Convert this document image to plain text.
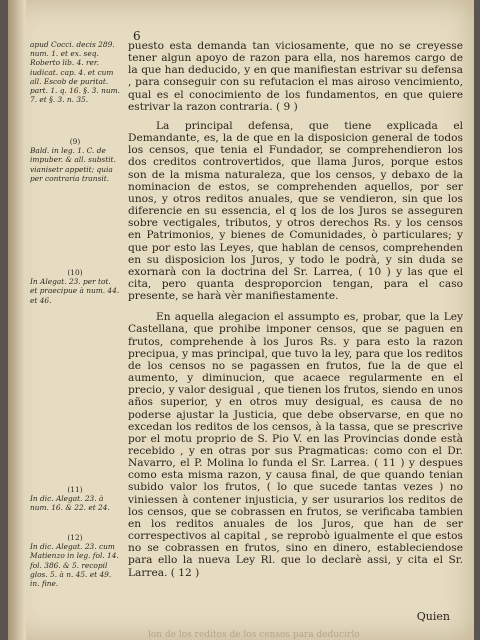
6
apud Cocci. decis 289. num. 1. et ex. seq. Roberto lib. 4. rer. iudicat. cap. 4. et cum all. Escob de puritat. part. 1. q. 16. §. 3. num. 7. et §. 3. n. 35.
(9)
Bald. in leg. 1. C. de impuber. & all. substit. vianisetr appetit; quia per contraria transit.
(10)
In Alegat. 23. per tot. et praecipue à num. 44. et 46.
(11)
In dic. Alegat. 23. à num. 16. & 22. et 24.
(12)
In dic. Alegat. 23. cum Matienzo in leg. fol. 14. fol. 386. & 5. recopil glos. 5. à n. 45. et 49. in. fine.

puesto esta demanda tan viciosamente, que no se creyesse tener algun apoyo de razon para ella, nos haremos cargo de la que han deducido, y en que manifiestan estrivar su defensa , para conseguir con su refutacion el mas airoso vencimiento, qual es el conocimiento de los fundamentos, en que quiere estrivar la razon contraria. ( 9 )

La principal defensa, que tiene explicada el Demandante, es, la de que en la disposicion general de todos los censos, que tenia el Fundador, se comprehendieron los dos creditos controvertidos, que llama Juros, porque estos son de la misma naturaleza, que los censos, y debaxo de la nominacion de estos, se comprehenden aquellos, por ser unos, y otros reditos anuales, que se vendieron, sin que los diferencie en su essencia, el q los de los Juros se asseguren sobre vectigales, tributos, y otros derechos Rs. y los censos en Patrimonios, y bienes de Comunidades, ò particulares; y que por esto las Leyes, que hablan de censos, comprehenden en su disposicion los Juros, y todo le podrà, y sin duda se exornarà con la doctrina del Sr. Larrea, ( 10 ) y las que el cita, pero quanta desproporcion tengan, para el caso presente, se harà vèr manifiestamente.

En aquella alegacion el assumpto es, probar, que la Ley Castellana, que prohibe imponer censos, que se paguen en frutos, comprehende à los Juros Rs. y para esto la razon precipua, y mas principal, que tuvo la ley, para que los reditos de los censos no se pagassen en frutos, fue la de que el aumento, y diminucion, que acaece regularmente en el precio, y valor desigual , que tienen los frutos, siendo en unos años superior, y en otros muy desigual, es causa de no poderse ajustar la Justicia, que debe observarse, en que no excedan los reditos de los censos, à la tassa, que se prescrive por el motu proprio de S. Pio V. en las Provincias donde està recebido , y en otras por sus Pragmaticas: como con el Dr. Navarro, el P. Molina lo funda el Sr. Larrea. ( 11 ) y despues como esta misma razon, y causa final, de que quando tenian subido valor los frutos, ( lo que sucede tantas vezes ) no viniessen à contener injusticia, y ser usurarios los reditos de los censos, que se cobrassen en frutos, se verificaba tambien en los reditos anuales de los Juros, que han de ser correspectivos al capital , se reprobò igualmente el que estos no se cobrassen en frutos, sino en dinero, estableciendose para ello la nueva Ley Rl. que lo declarè assi, y cita el Sr. Larrea. ( 12 )

lon de los reditos de los censos para deducirlo
Quien
